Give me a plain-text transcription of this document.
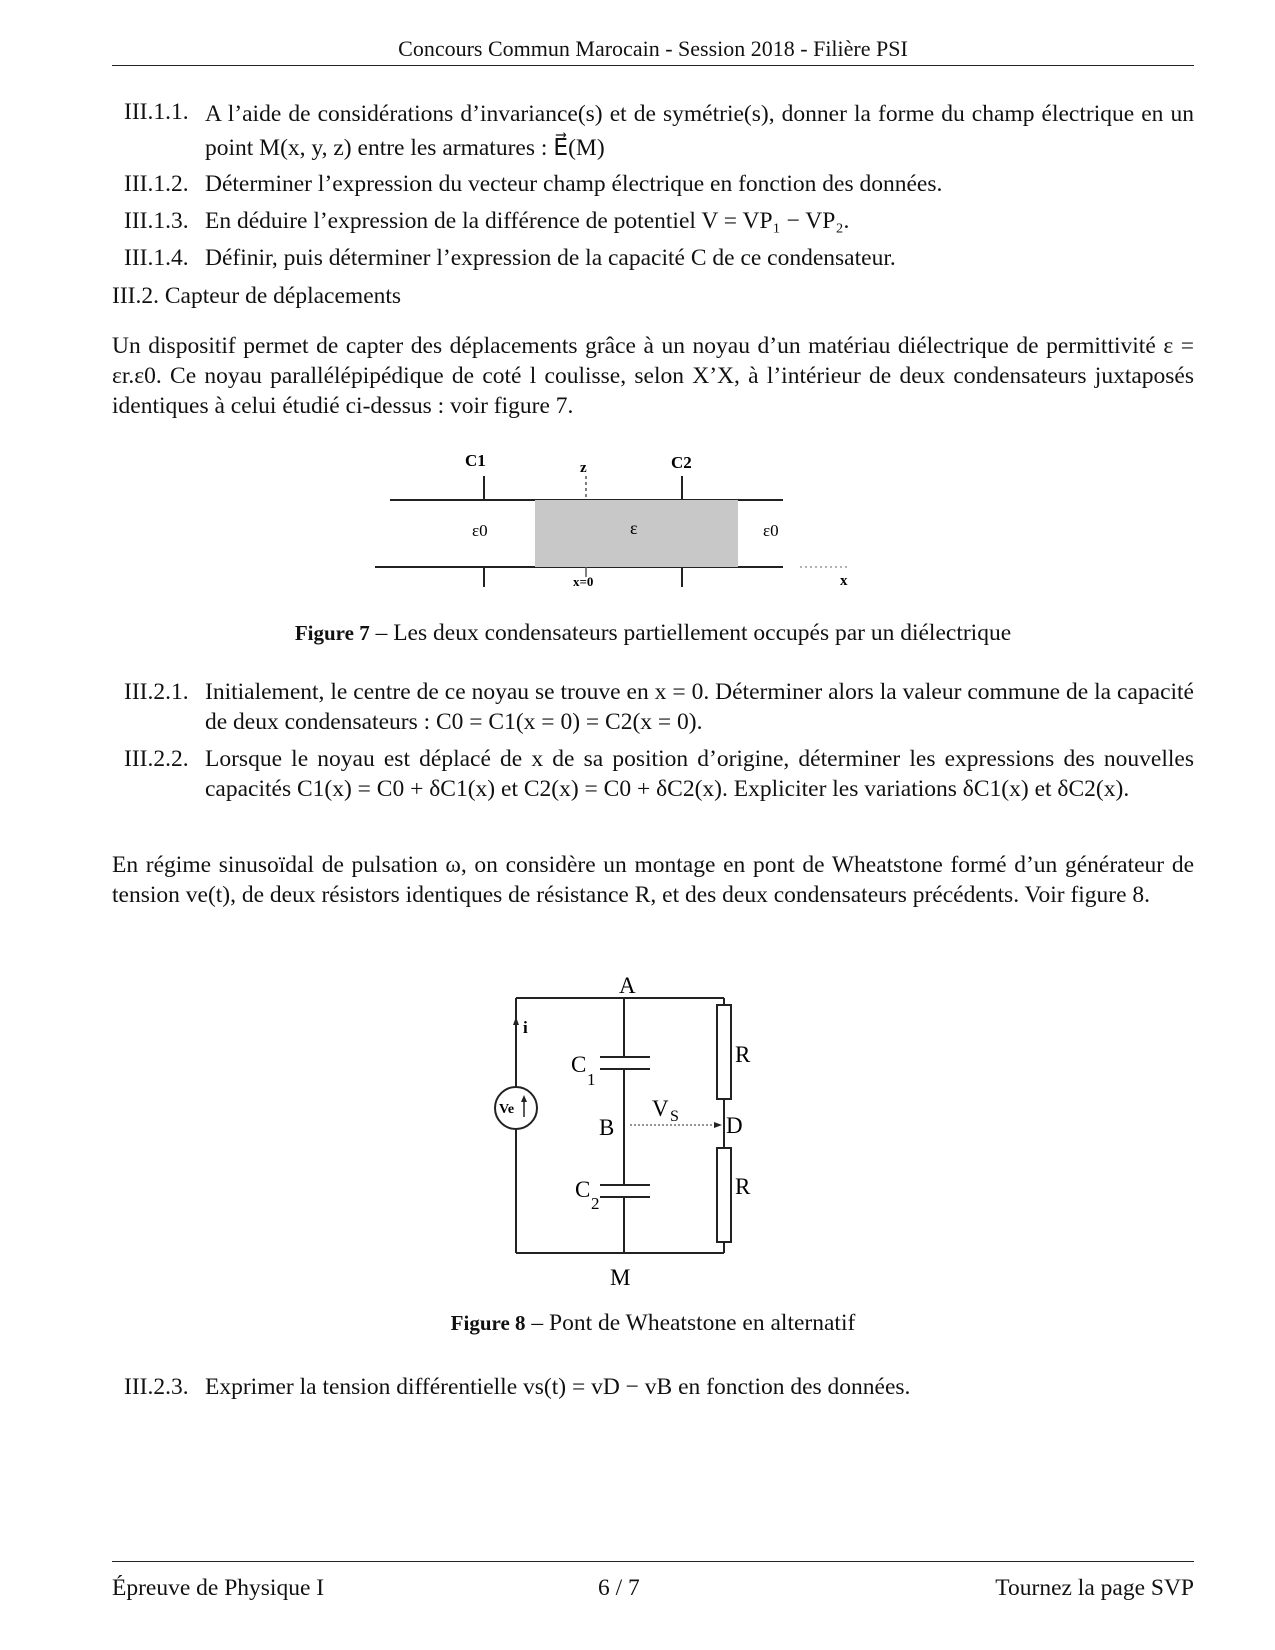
Concours Commun Marocain - Session 2018 - Filière PSI
III.1.1. A l’aide de considérations d’invariance(s) et de symétrie(s), donner la forme du champ électrique en un point M(x, y, z) entre les armatures : E⃗(M)
III.1.2. Déterminer l’expression du vecteur champ électrique en fonction des données.
III.1.3. En déduire l’expression de la différence de potentiel V = VP₁ − VP₂.
III.1.4. Définir, puis déterminer l’expression de la capacité C de ce condensateur.
III.2. Capteur de déplacements
Un dispositif permet de capter des déplacements grâce à un noyau d’un matériau diélectrique de permittivité ε = εr.ε0. Ce noyau parallélépipédique de coté l coulisse, selon X’X, à l’intérieur de deux condensateurs juxtaposés identiques à celui étudié ci-dessus : voir figure 7.
C1	C2
z
ε0	ε	ε0
x=0	x
Figure 7 – Les deux condensateurs partiellement occupés par un diélectrique
III.2.1. Initialement, le centre de ce noyau se trouve en x = 0. Déterminer alors la valeur commune de la capacité de deux condensateurs : C0 = C1(x = 0) = C2(x = 0).
III.2.2. Lorsque le noyau est déplacé de x de sa position d’origine, déterminer les expressions des nouvelles capacités C1(x) = C0 + δC1(x) et C2(x) = C0 + δC2(x). Expliciter les variations δC1(x) et δC2(x).
En régime sinusoïdal de pulsation ω, on considère un montage en pont de Wheatstone formé d’un générateur de tension ve(t), de deux résistors identiques de résistance R, et des deux condensateurs précédents. Voir figure 8.
A
B	D
M
R
R
C
1
C
2
V S
i
Ve
Figure 8 – Pont de Wheatstone en alternatif
III.2.3. Exprimer la tension différentielle vs(t) = vD − vB en fonction des données.
Épreuve de Physique I	6 / 7	Tournez la page SVP
